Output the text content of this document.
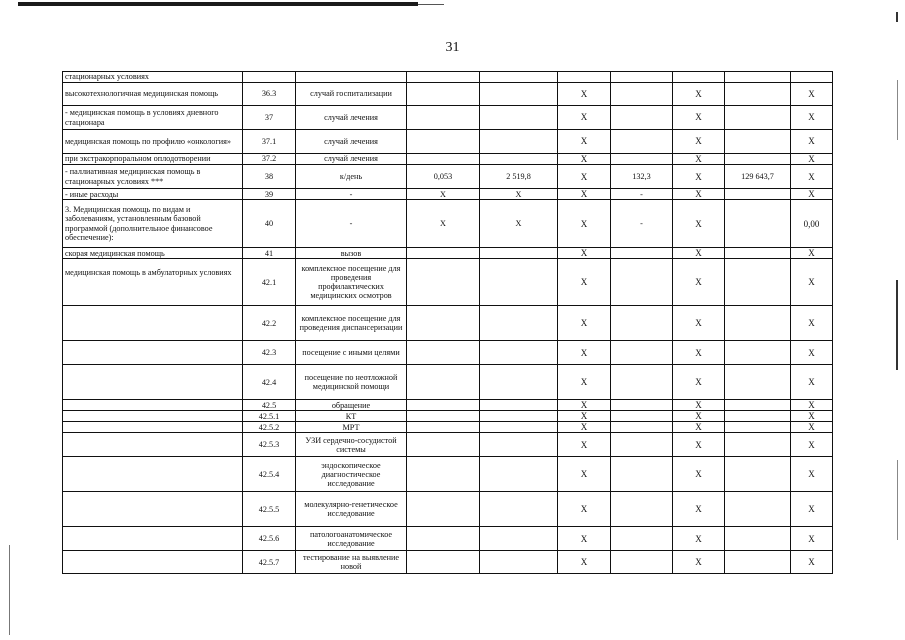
31
стационарных условиях									
высокотехнологичная медицинская помощь	36.3	случай госпитализации			X		X		X
- медицинская помощь в условиях дневного стационара	37	случай лечения			X		X		X
медицинская помощь по профилю «онкология»	37.1	случай лечения			X		X		X
при экстракорпоральном оплодотворении	37.2	случай лечения			X		X		X
- паллиативная медицинская помощь в стационарных условиях ***	38	к/день	0,053	2 519,8	X	132,3	X	129 643,7	X
- иные расходы	39	-	X	X	X	-	X		X
3. Медицинская помощь по видам и заболеваниям, установленным базовой программой (дополнительное финансовое обеспечение):	40	-	X	X	X	-	X		0,00
скорая медицинская помощь	41	вызов			X		X		X
медицинская помощь в амбулаторных условиях	42.1	комплексное посещение для проведения профилактических медицинских осмотров			X		X		X
	42.2	комплексное посещение для проведения диспансеризации			X		X		X
	42.3	посещение с иными целями			X		X		X
	42.4	посещение по неотложной медицинской помощи			X		X		X
	42.5	обращение			X		X		X
	42.5.1	КТ			X		X		X
	42.5.2	МРТ			X		X		X
	42.5.3	УЗИ сердечно-сосудистой системы			X		X		X
	42.5.4	эндоскопическое диагностическое исследование			X		X		X
	42.5.5	молекулярно-генетическое исследование			X		X		X
	42.5.6	патологоанатомическое исследование			X		X		X
	42.5.7	тестирование на выявление новой			X		X		X
